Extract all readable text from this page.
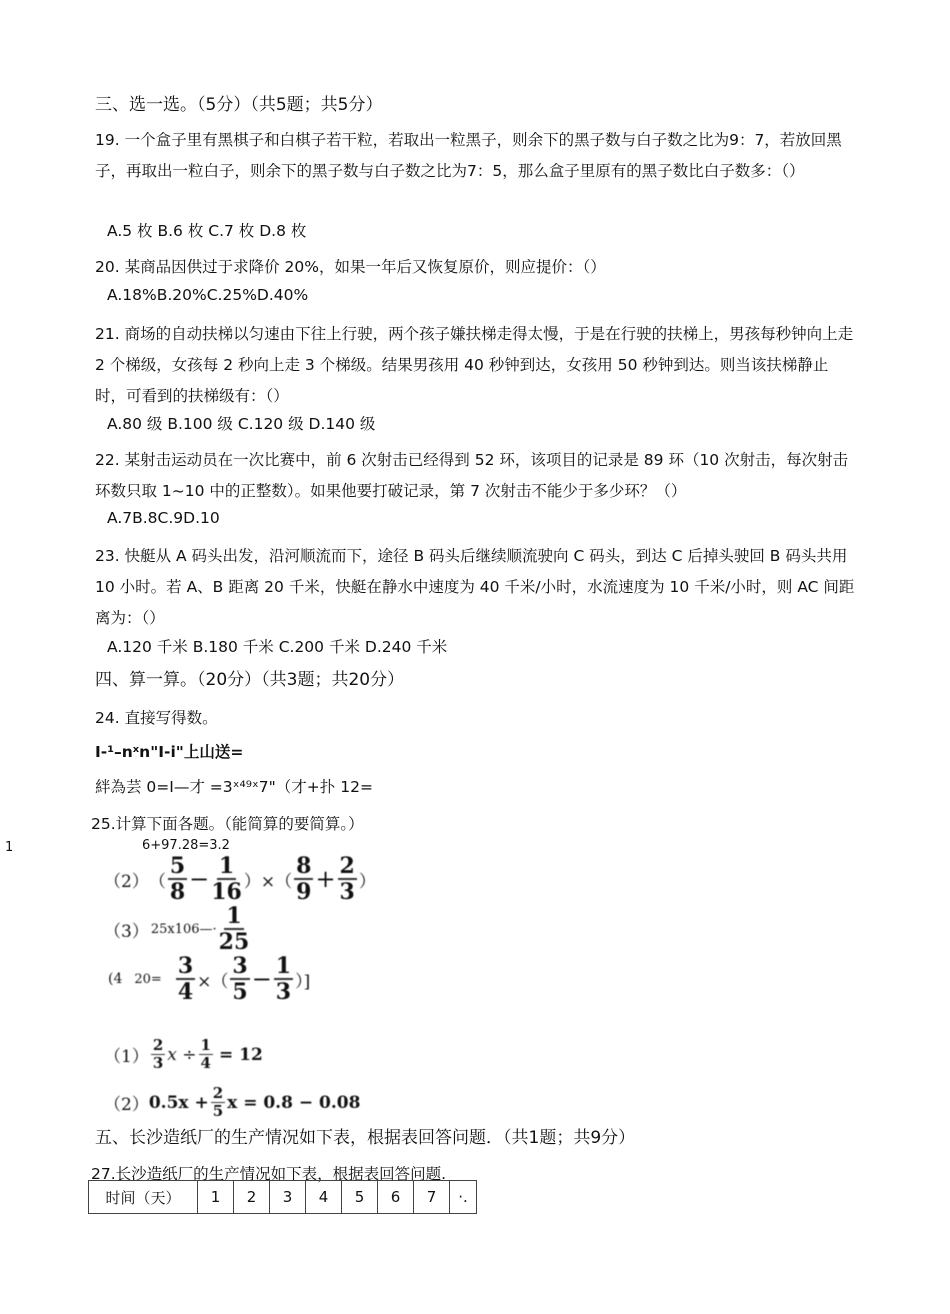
三、选一选。（5分）（共5题；共5分）
19. 一个盒子里有黑棋子和白棋子若干粒，若取出一粒黑子，则余下的黑子数与白子数之比为9：7，若放回黑子，再取出一粒白子，则余下的黑子数与白子数之比为7：5，那么盒子里原有的黑子数比白子数多：（）
A.5 枚 B.6 枚 C.7 枚 D.8 枚
20. 某商品因供过于求降价 20%，如果一年后又恢复原价，则应提价：（）
A.18%B.20%C.25%D.40%
21. 商场的自动扶梯以匀速由下往上行驶，两个孩子嫌扶梯走得太慢，于是在行驶的扶梯上，男孩每秒钟向上走 2 个梯级，女孩每 2 秒向上走 3 个梯级。结果男孩用 40 秒钟到达，女孩用 50 秒钟到达。则当该扶梯静止时，可看到的扶梯级有：（）
A.80 级 B.100 级 C.120 级 D.140 级
22. 某射击运动员在一次比赛中，前 6 次射击已经得到 52 环，该项目的记录是 89 环（10 次射击，每次射击环数只取 1~10 中的正整数）。如果他要打破记录，第 7 次射击不能少于多少环？（）
A.7B.8C.9D.10
23. 快艇从 A 码头出发，沿河顺流而下，途径 B 码头后继续顺流驶向 C 码头，到达 C 后掉头驶回 B 码头共用 10 小时。若 A、B 距离 20 千米，快艇在静水中速度为 40 千米/小时，水流速度为 10 千米/小时，则 AC 间距离为：（）
A.120 千米 B.180 千米 C.200 千米 D.240 千米
四、算一算。（20分）（共3题；共20分）
24. 直接写得数。
I-¹–nˣn"I-i"上山送=
絆為芸 0=I—才 =3ˣ⁴⁹ˣ7"（才+扑 12=
25.计算下面各题。（能简算的要简算。）
1	6+97.28=3.2
（2） （ $\frac{5}{8} - \frac{1}{16}$ ）×（ $\frac{8}{9} + \frac{2}{3}$ ）
（3） 25x106—· $\frac{1}{25}$
(4 $20= \frac{3}{4}$ ×（ $\frac{3}{5} - \frac{1}{3}$ ）]
$(1) \frac{2}{3}$ $x \div \frac{1}{4} = 12$
（2） $0.5x + \frac{2}{5}$ x = 0.8 − 0.08
五、长沙造纸厂的生产情况如下表，根据表回答问题．（共1题；共9分）
27.长沙造纸厂的生产情况如下表，根据表回答问题.
时间（天）	1	2	3	4	5	6	7	·.
